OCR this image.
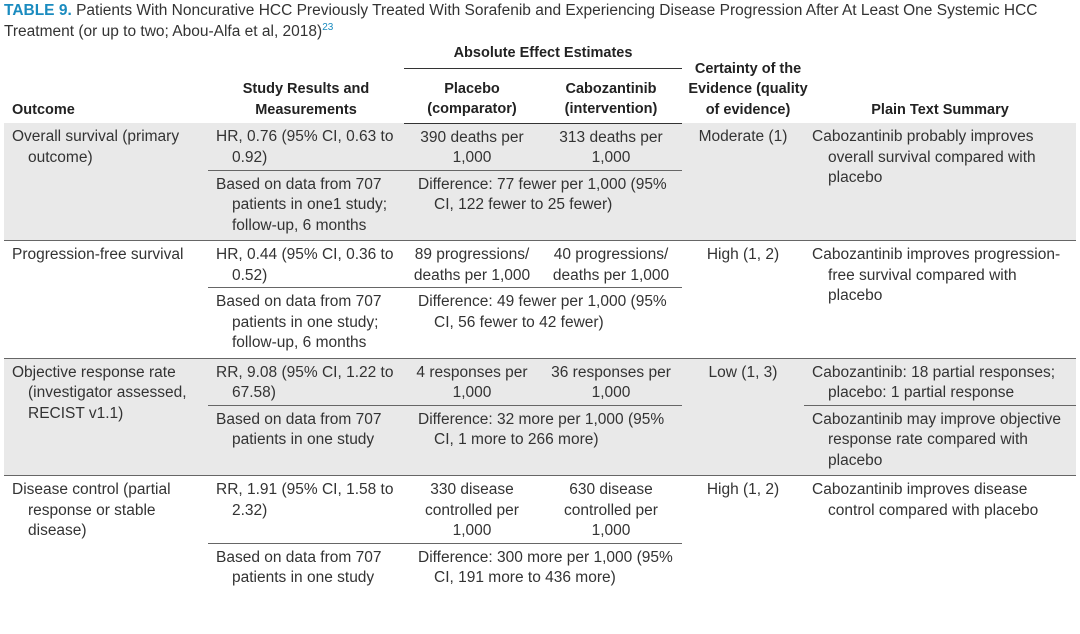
TABLE 9. Patients With Noncurative HCC Previously Treated With Sorafenib and Experiencing Disease Progression After At Least One Systemic HCC Treatment (or up to two; Abou-Alfa et al, 2018)$^{23}$
Outcome	Study Results and Measurements	Absolute Effect Estimates		Certainty of the Evidence (quality of evidence)	Plain Text Summary
		Placebo (comparator)	Cabozantinib (intervention)		
Overall survival (primary outcome)	HR, 0.76 (95% CI, 0.63 to 0.92)	390 deaths per 1,000	313 deaths per 1,000	Moderate (1)	Cabozantinib probably improves overall survival compared with placebo
	Based on data from 707 patients in one1 study; follow-up, 6 months	Difference: 77 fewer per 1,000 (95% CI, 122 fewer to 25 fewer)			
Progression-free survival	HR, 0.44 (95% CI, 0.36 to 0.52)	89 progressions/ deaths per 1,000	40 progressions/ deaths per 1,000	High (1, 2)	Cabozantinib improves progression-free survival compared with placebo
	Based on data from 707 patients in one study; follow-up, 6 months	Difference: 49 fewer per 1,000 (95% CI, 56 fewer to 42 fewer)			
Objective response rate (investigator assessed, RECIST v1.1)	RR, 9.08 (95% CI, 1.22 to 67.58)	4 responses per 1,000	36 responses per 1,000	Low (1, 3)	Cabozantinib: 18 partial responses; placebo: 1 partial response
	Based on data from 707 patients in one study	Difference: 32 more per 1,000 (95% CI, 1 more to 266 more)			Cabozantinib may improve objective response rate compared with placebo
Disease control (partial response or stable disease)	RR, 1.91 (95% CI, 1.58 to 2.32)	330 disease controlled per 1,000	630 disease controlled per 1,000	High (1, 2)	Cabozantinib improves disease control compared with placebo
	Based on data from 707 patients in one study	Difference: 300 more per 1,000 (95% CI, 191 more to 436 more)			
